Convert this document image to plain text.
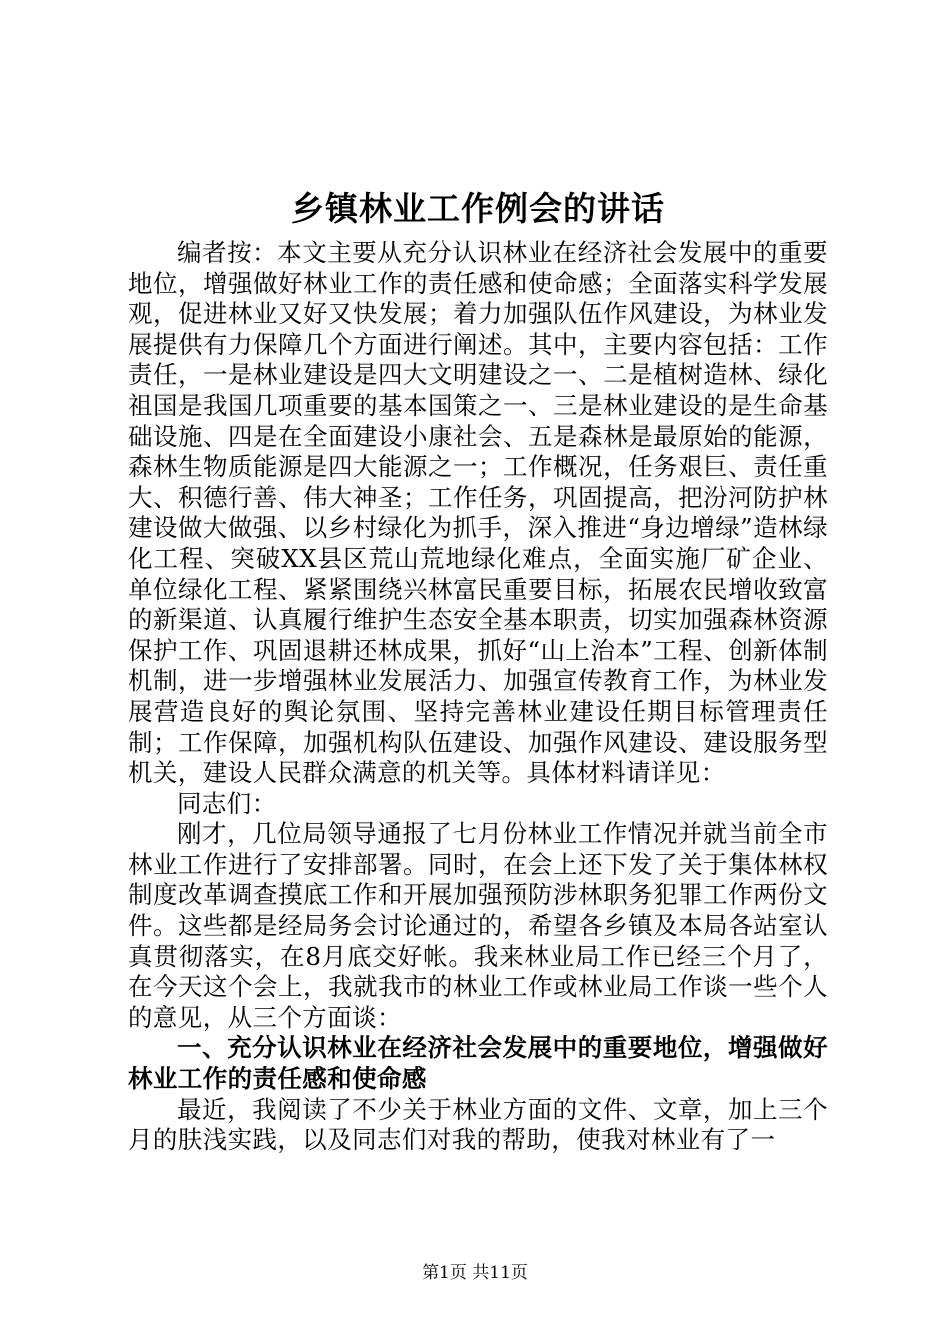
乡镇林业工作例会的讲话

编者按：本文主要从充分认识林业在经济社会发展中的重要地位，增强做好林业工作的责任感和使命感；全面落实科学发展观，促进林业又好又快发展；着力加强队伍作风建设，为林业发展提供有力保障几个方面进行阐述。其中，主要内容包括：工作责任，一是林业建设是四大文明建设之一、二是植树造林、绿化祖国是我国几项重要的基本国策之一、三是林业建设的是生命基础设施、四是在全面建设小康社会、五是森林是最原始的能源，森林生物质能源是四大能源之一；工作概况，任务艰巨、责任重大、积德行善、伟大神圣；工作任务，巩固提高，把汾河防护林建设做大做强、以乡村绿化为抓手，深入推进“身边增绿”造林绿化工程、突破XX县区荒山荒地绿化难点，全面实施厂矿企业、单位绿化工程、紧紧围绕兴林富民重要目标，拓展农民增收致富的新渠道、认真履行维护生态安全基本职责，切实加强森林资源保护工作、巩固退耕还林成果，抓好“山上治本”工程、创新体制机制，进一步增强林业发展活力、加强宣传教育工作，为林业发展营造良好的舆论氛围、坚持完善林业建设任期目标管理责任制；工作保障，加强机构队伍建设、加强作风建设、建设服务型机关，建设人民群众满意的机关等。具体材料请详见：

同志们：

刚才，几位局领导通报了七月份林业工作情况并就当前全市林业工作进行了安排部署。同时，在会上还下发了关于集体林权制度改革调查摸底工作和开展加强预防涉林职务犯罪工作两份文件。这些都是经局务会讨论通过的，希望各乡镇及本局各站室认真贯彻落实，在8月底交好帐。我来林业局工作已经三个月了，在今天这个会上，我就我市的林业工作或林业局工作谈一些个人的意见，从三个方面谈：

一、充分认识林业在经济社会发展中的重要地位，增强做好林业工作的责任感和使命感

最近，我阅读了不少关于林业方面的文件、文章，加上三个月的肤浅实践，以及同志们对我的帮助，使我对林业有了一

第1页 共11页
